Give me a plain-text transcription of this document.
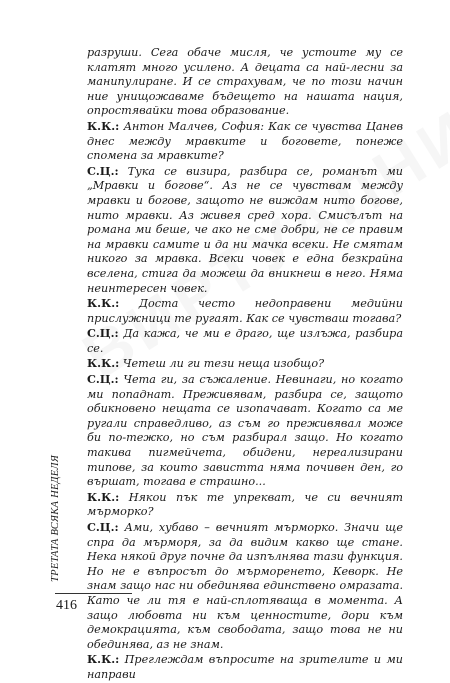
разруши. Сега обаче мисля, че устоите му се клатят много усилено. А децата са най-лесни за манипулиране. И се страхувам, че по този начин ние унищожаваме бъдещето на нашата нация, опростявайки това образование.

К.К.: Антон Малчев, София: Как се чувства Цанев днес между мравките и боговете, понеже спомена за мравките?

С.Ц.: Тука се визира, разбира се, романът ми „Мравки и богове“. Аз не се чувствам между мравки и богове, защото не виждам нито богове, нито мравки. Аз живея сред хора. Смисълът на романа ми беше, че ако не сме добри, не се правим на мравки самите и да ни мачка всеки. Не смятам никого за мравка. Всеки човек е една безкрайна вселена, стига да можеш да вникнеш в него. Няма неинтересен човек.

К.К.: Доста често недоправени медийни прислужници те ругаят. Как се чувстваш тогава?

С.Ц.: Да кажа, че ми е драго, ще излъжа, разбира се.

К.К.: Четеш ли ги тези неща изобщо?

С.Ц.: Чета ги, за съжаление. Невинаги, но когато ми попаднат. Преживявам, разбира се, защото обикновено нещата се изопачават. Когато са ме ругали справедливо, аз съм го преживявал може би по-тежко, но съм разбирал защо. Но когато такива пигмейчета, обидени, нереализирани типове, за които завистта няма почивен ден, го вършат, тогава е страшно...

К.К.: Някои пък те упрекват, че си вечният мърморко?

С.Ц.: Ами, хубаво – вечният мърморко. Значи ще спра да мърморя, за да видим какво ще стане. Нека някой друг почне да изпълнява тази функция. Но не е въпросът до мърморенето, Кеворк. Не знам защо нас ни обединява единствено омразата. Като че ли тя е най-сплотяваща в момента. А защо любовта ни към ценностите, дори към демокрацията, към свободата, защо това не ни обединява, аз не знам.

К.К.: Преглеждам въпросите на зрителите и ми направи

ТРЕТАТА ВСЯКА НЕДЕЛЯ
416
